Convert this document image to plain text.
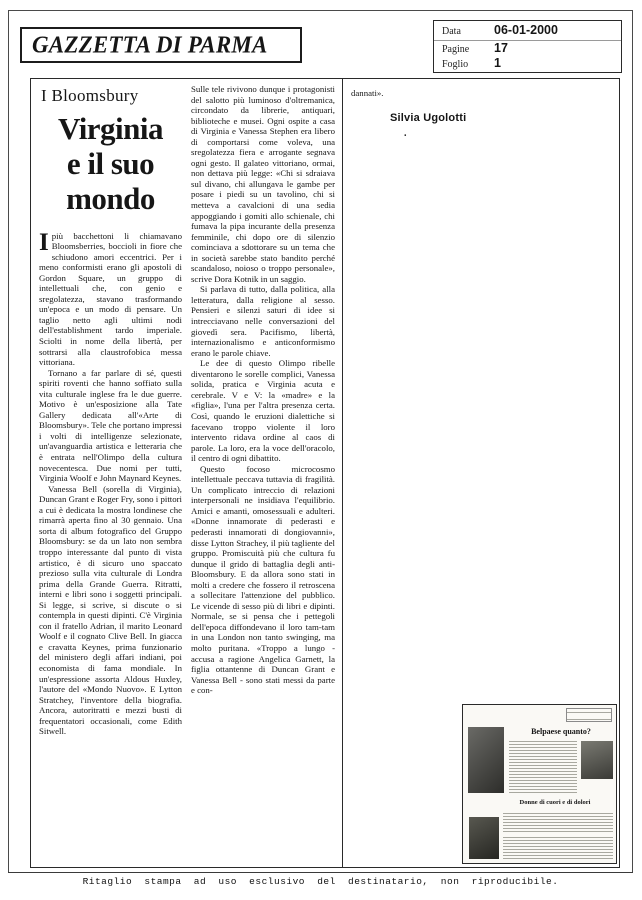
GAZZETTA DI PARMA	Data	06-01-2000
Pagine	17
Foglio	1
I Bloomsbury
Virginia
e il suo
mondo

Ipiù bacchettoni li chiamavano Bloomsberries, boccioli in fiore che schiudono amori eccentrici. Per i meno conformisti erano gli apostoli di Gordon Square, un gruppo di intellettuali che, con genio e sregolatezza, stavano trasformando un'epoca e un modo di pensare. Un taglio netto agli ultimi nodi dell'establishment tardo imperiale. Sciolti in nome della libertà, per sottrarsi alla claustrofobica messa vittoriana.

Tornano a far parlare di sé, questi spiriti roventi che hanno soffiato sulla vita culturale inglese fra le due guerre. Motivo è un'esposizione alla Tate Gallery dedicata all'«Arte di Bloomsbury». Tele che portano impressi i volti di intelligenze selezionate, un'avanguardia artistica e letteraria che è entrata nell'Olimpo della cultura novecentesca. Due nomi per tutti, Virginia Woolf e John Maynard Keynes.

Vanessa Bell (sorella di Virginia), Duncan Grant e Roger Fry, sono i pittori a cui è dedicata la mostra londinese che rimarrà aperta fino al 30 gennaio. Una sorta di album fotografico del Gruppo Bloomsbury: se da un lato non sembra troppo interessante dal punto di vista artistico, è di sicuro uno spaccato prezioso sulla vita culturale di Londra prima della Grande Guerra. Ritratti, interni e libri sono i soggetti principali. Si legge, si scrive, si discute o si contempla in questi dipinti. C'è Virginia con il fratello Adrian, il marito Leonard Woolf e il cognato Clive Bell. In giacca e cravatta Keynes, prima funzionario del ministero degli affari indiani, poi economista di fama mondiale. In un'espressione assorta Aldous Huxley, l'autore del «Mondo Nuovo». E Lytton Stratchey, l'inventore della biografia. Ancora, autoritratti e mezzi busti di frequentatori occasionali, come Edith Sitwell.

Sulle tele rivivono dunque i protagonisti del salotto più luminoso d'oltremanica, circondato da librerie, antiquari, biblioteche e musei. Ogni ospite a casa di Virginia e Vanessa Stephen era libero di comportarsi come voleva, una sregolatezza fiera e arrogante segnava ogni gesto. Il galateo vittoriano, ormai, non dettava più legge: «Chi si sdraiava sul divano, chi allungava le gambe per posare i piedi su un tavolino, chi si metteva a cavalcioni di una sedia appoggiando i gomiti allo schienale, chi fumava la pipa incurante della presenza femminile, chi dopo ore di silenzio cominciava a sdottorare su un tema che in società sarebbe stato bandito perché scandaloso, noioso o troppo personale», scrive Dora Kotnik in un saggio.

Si parlava di tutto, dalla politica, alla letteratura, dalla religione al sesso. Pensieri e silenzi saturi di idee si intrecciavano nelle conversazioni del giovedì sera. Pacifismo, libertà, internazionalismo e anticonformismo erano le parole chiave.

Le dee di questo Olimpo ribelle diventarono le sorelle complici, Vanessa solida, pratica e Virginia acuta e cerebrale. V e V: la «madre» e la «figlia», l'una per l'altra presenza certa. Così, quando le eruzioni dialettiche si facevano troppo violente il loro intervento ridava ordine al caos di parole. La loro, era la voce dell'oracolo, il centro di ogni dibattito.

Questo focoso microcosmo intellettuale peccava tuttavia di fragilità. Un complicato intreccio di relazioni interpersonali ne insidiava l'equilibrio. Amici e amanti, omosessuali e adulteri. «Donne innamorate di pederasti e pederasti innamorati di dongiovanni», disse Lytton Strachey, il più tagliente del gruppo. Promiscuità più che cultura fu dunque il grido di battaglia degli anti-Bloomsbury. E da allora sono stati in molti a credere che fossero il retroscena a sollecitare l'attenzione del pubblico. Le vicende di sesso più di libri e dipinti. Normale, se si pensa che i pettegoli dell'epoca diffondevano il loro tam-tam in una London non tanto swinging, ma molto puritana. «Troppo a lungo - accusa a ragione Angelica Garnett, la figlia ottantenne di Duncan Grant e Vanessa Bell - sono stati messi da parte e con-

dannati».
Silvia Ugolotti
.
Belpaese quanto?
Donne di cuori e di dolori
Ritaglio stampa ad uso esclusivo del destinatario, non riproducibile.
